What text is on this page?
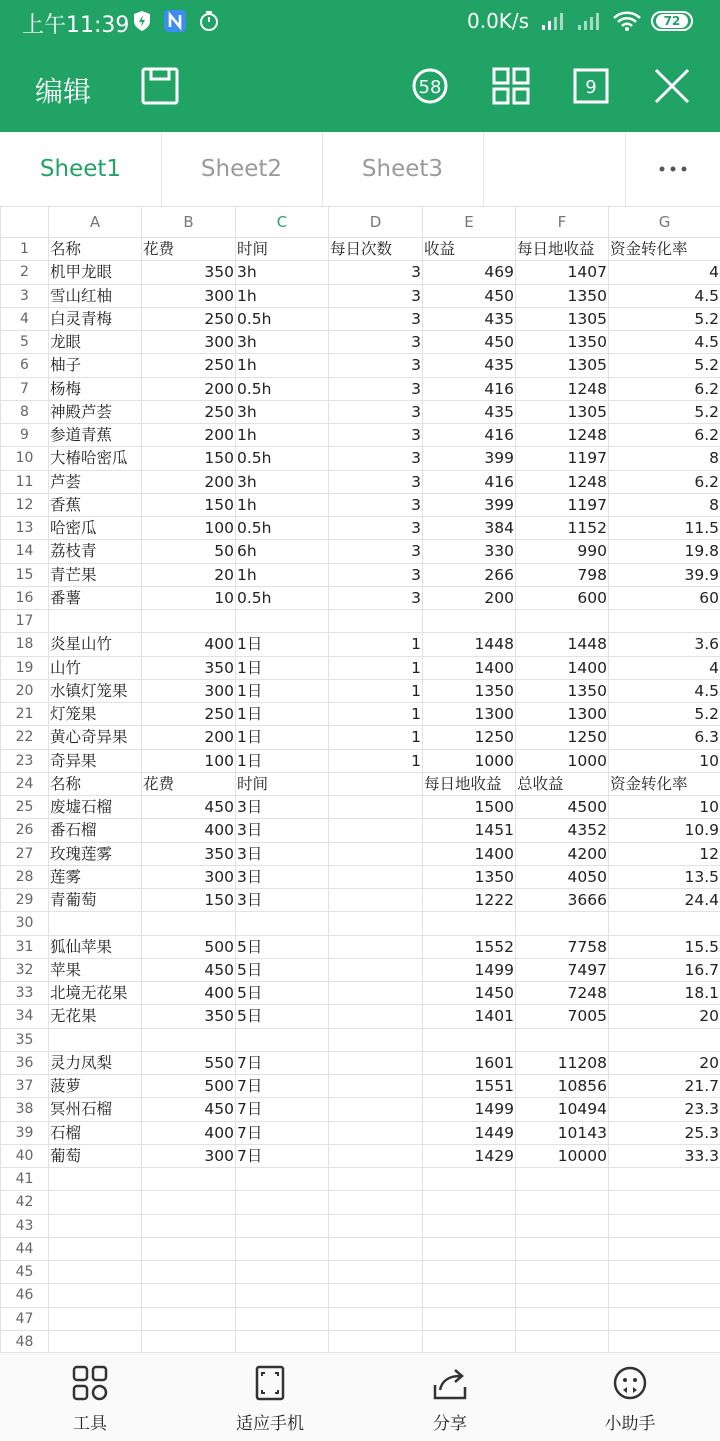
上午11:39	0.0K/s	72
编辑	58	9
Sheet1	Sheet2	Sheet3
	A	B	C	D	E	F	G
1	名称	花费	时间	每日次数	收益	每日地收益	资金转化率
2	机甲龙眼	350	3h	3	469	1407	4
3	雪山红柚	300	1h	3	450	1350	4.5
4	白灵青梅	250	0.5h	3	435	1305	5.2
5	龙眼	300	3h	3	450	1350	4.5
6	柚子	250	1h	3	435	1305	5.2
7	杨梅	200	0.5h	3	416	1248	6.2
8	神殿芦荟	250	3h	3	435	1305	5.2
9	参道青蕉	200	1h	3	416	1248	6.2
10	大椿哈密瓜	150	0.5h	3	399	1197	8
11	芦荟	200	3h	3	416	1248	6.2
12	香蕉	150	1h	3	399	1197	8
13	哈密瓜	100	0.5h	3	384	1152	11.5
14	荔枝青	50	6h	3	330	990	19.8
15	青芒果	20	1h	3	266	798	39.9
16	番薯	10	0.5h	3	200	600	60
17							
18	炎星山竹	400	1日	1	1448	1448	3.6
19	山竹	350	1日	1	1400	1400	4
20	水镇灯笼果	300	1日	1	1350	1350	4.5
21	灯笼果	250	1日	1	1300	1300	5.2
22	黄心奇异果	200	1日	1	1250	1250	6.3
23	奇异果	100	1日	1	1000	1000	10
24	名称	花费	时间		每日地收益	总收益	资金转化率
25	废墟石榴	450	3日		1500	4500	10
26	番石榴	400	3日		1451	4352	10.9
27	玫瑰莲雾	350	3日		1400	4200	12
28	莲雾	300	3日		1350	4050	13.5
29	青葡萄	150	3日		1222	3666	24.4
30							
31	狐仙苹果	500	5日		1552	7758	15.5
32	苹果	450	5日		1499	7497	16.7
33	北境无花果	400	5日		1450	7248	18.1
34	无花果	350	5日		1401	7005	20
35							
36	灵力凤梨	550	7日		1601	11208	20
37	菠萝	500	7日		1551	10856	21.7
38	冥州石榴	450	7日		1499	10494	23.3
39	石榴	400	7日		1449	10143	25.3
40	葡萄	300	7日		1429	10000	33.3
41							
42							
43							
44							
45							
46							
47							
48							
工具	适应手机	分享	小助手
